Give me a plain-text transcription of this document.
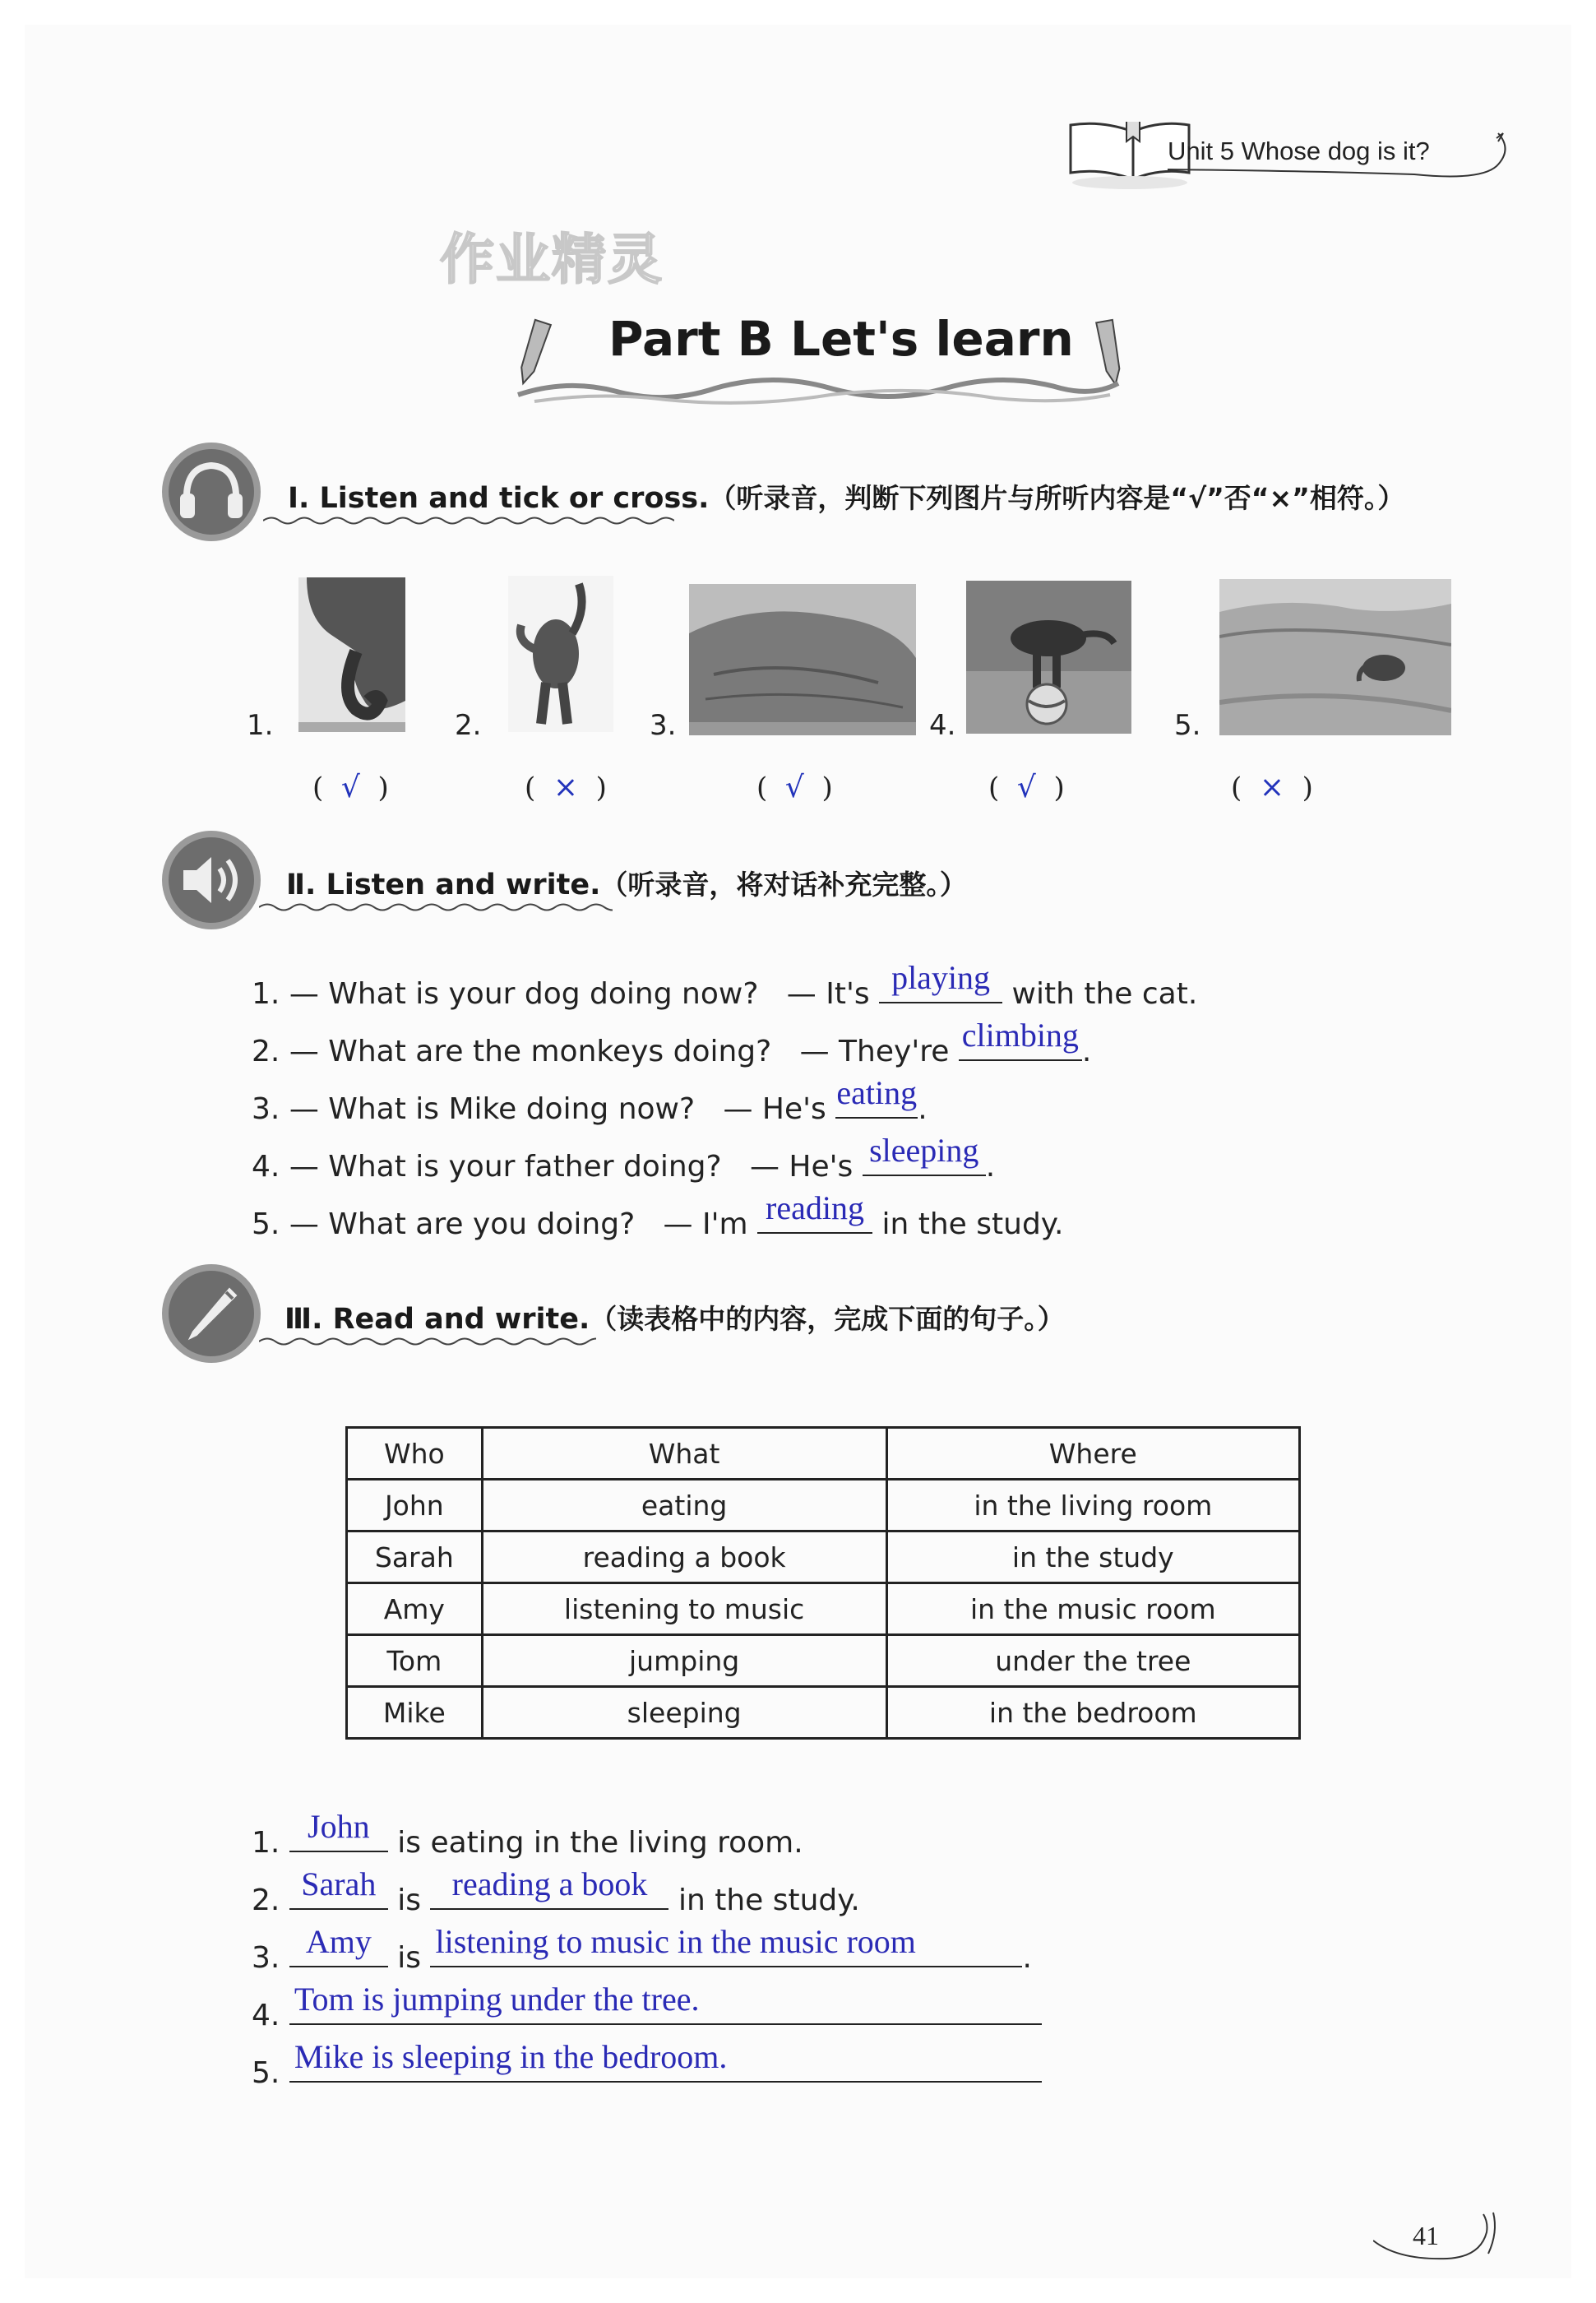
Unit 5 Whose dog is it?
作业精灵
Part B Let's learn
Ⅰ. Listen and tick or cross.（听录音，判断下列图片与所听内容是“√”否“×”相符。）
1.	2.	3.	4.	5.
(  √  )	(  ×  )	(  √  )	(  √  )	(  ×  )
Ⅱ. Listen and write.（听录音，将对话补充完整。）
1. — What is your dog doing now? — It's playing with the cat.
2. — What are the monkeys doing? — They're climbing .
3. — What is Mike doing now? — He's eating .
4. — What is your father doing? — He's sleeping .
5. — What are you doing? — I'm reading in the study.
Ⅲ. Read and write.（读表格中的内容，完成下面的句子。）
Who	What	Where
John	eating	in the living room
Sarah	reading a book	in the study
Amy	listening to music	in the music room
Tom	jumping	under the tree
Mike	sleeping	in the bedroom
1. John is eating in the living room.
2. Sarah is reading a book	in the study.
3. Amy is listening to music in the music room	.
4. Tom is jumping under the tree.
5. Mike is sleeping in the bedroom.
41
